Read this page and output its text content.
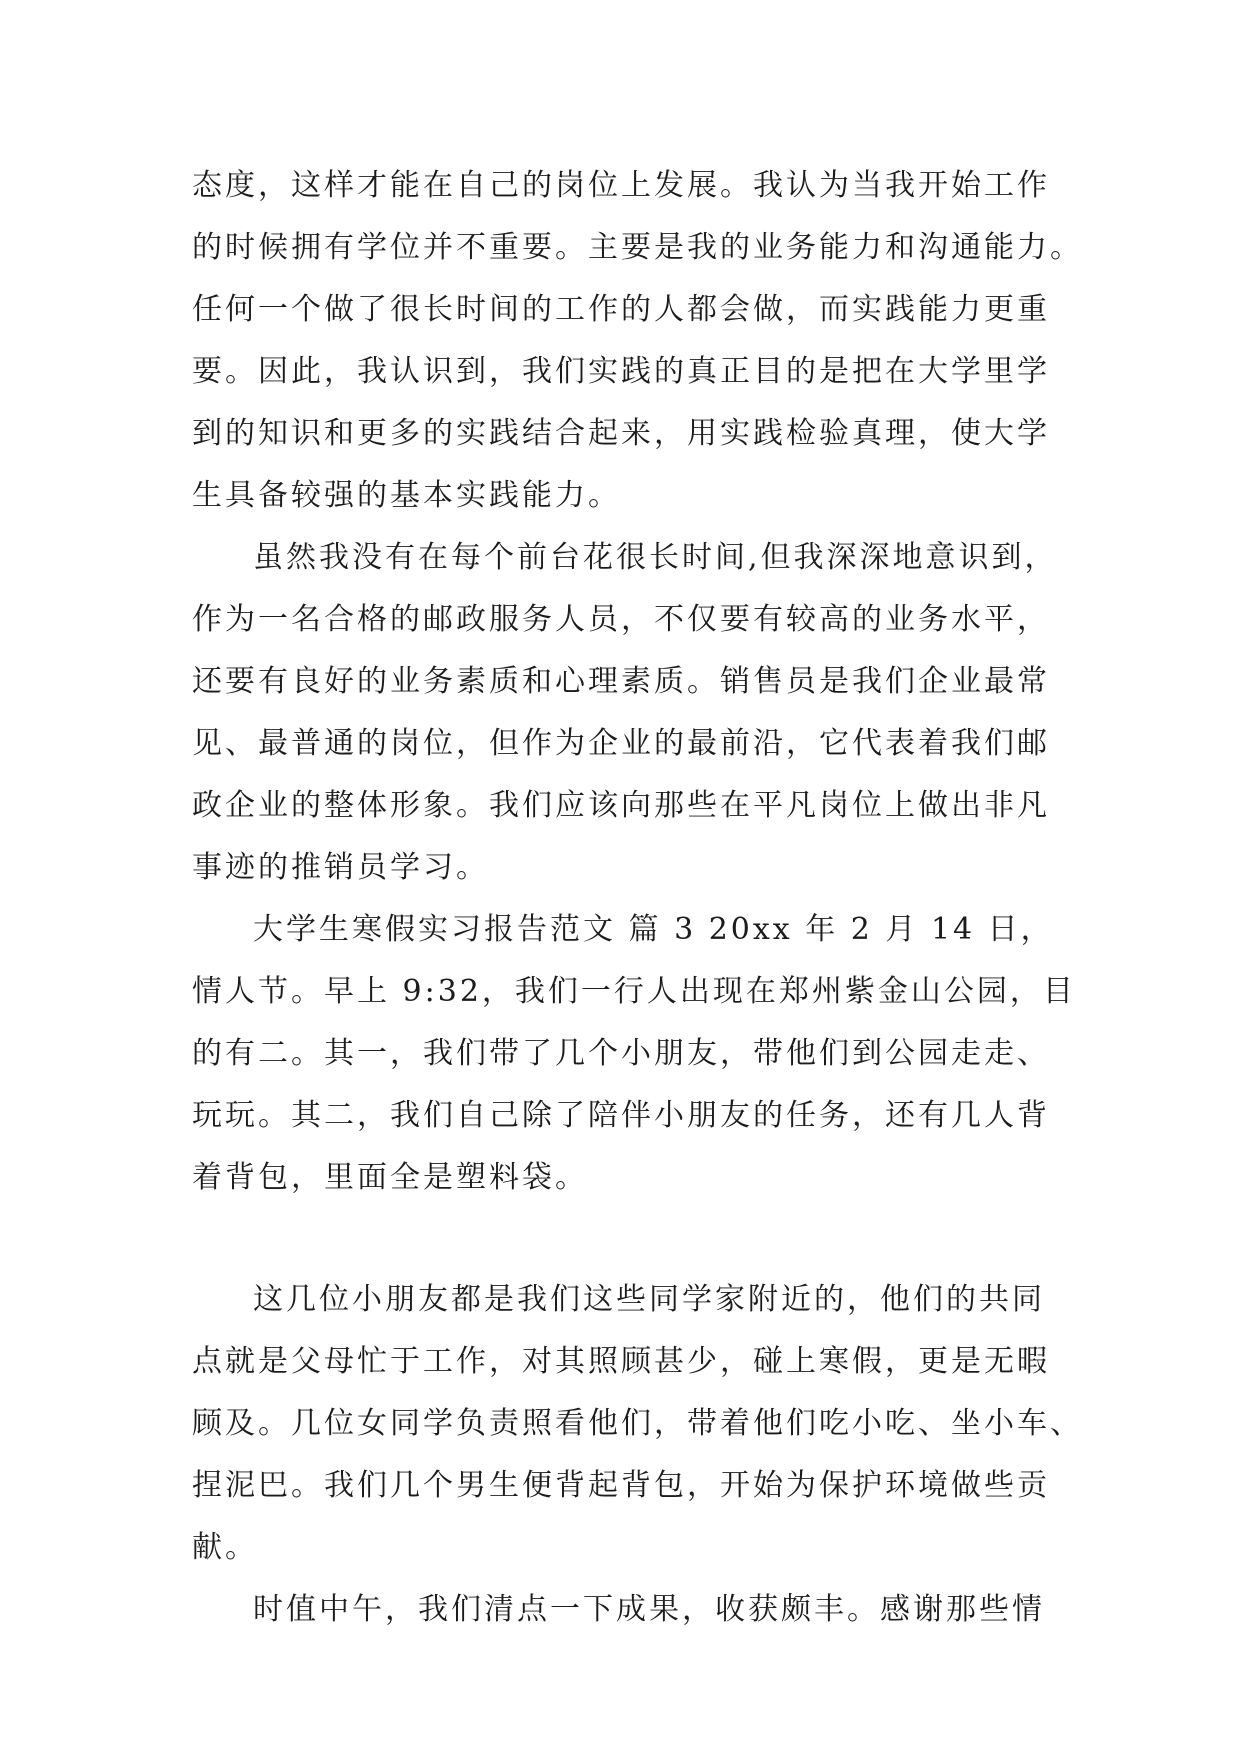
态度，这样才能在自己的岗位上发展。我认为当我开始工作
的时候拥有学位并不重要。主要是我的业务能力和沟通能力。
任何一个做了很长时间的工作的人都会做，而实践能力更重
要。因此，我认识到，我们实践的真正目的是把在大学里学
到的知识和更多的实践结合起来，用实践检验真理，使大学
生具备较强的基本实践能力。
虽然我没有在每个前台花很长时间,但我深深地意识到，
作为一名合格的邮政服务人员，不仅要有较高的业务水平，
还要有良好的业务素质和心理素质。销售员是我们企业最常
见、最普通的岗位，但作为企业的最前沿，它代表着我们邮
政企业的整体形象。我们应该向那些在平凡岗位上做出非凡
事迹的推销员学习。
大学生寒假实习报告范文 篇 3 20xx 年 2 月 14 日，
情人节。早上 9:32，我们一行人出现在郑州紫金山公园，目
的有二。其一，我们带了几个小朋友，带他们到公园走走、
玩玩。其二，我们自己除了陪伴小朋友的任务，还有几人背
着背包，里面全是塑料袋。
这几位小朋友都是我们这些同学家附近的，他们的共同
点就是父母忙于工作，对其照顾甚少，碰上寒假，更是无暇
顾及。几位女同学负责照看他们，带着他们吃小吃、坐小车、
捏泥巴。我们几个男生便背起背包，开始为保护环境做些贡
献。
时值中午，我们清点一下成果，收获颇丰。感谢那些情
